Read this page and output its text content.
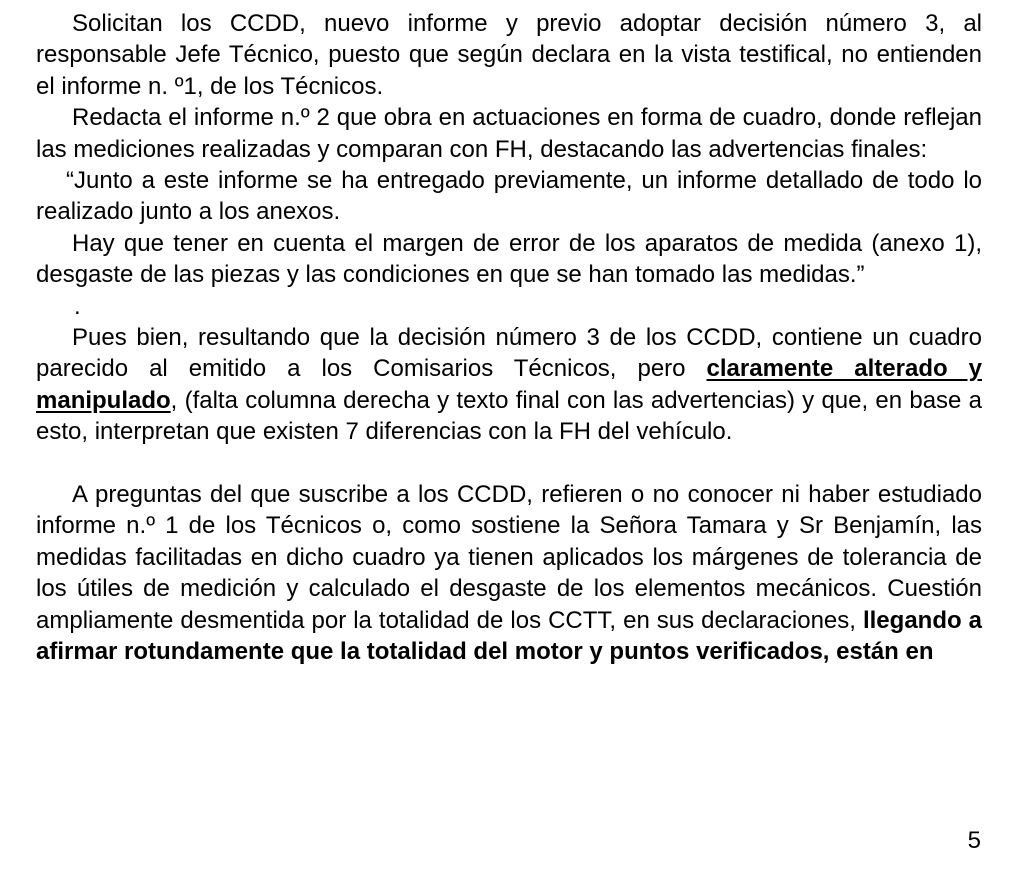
Solicitan los CCDD, nuevo informe y previo adoptar decisión número 3, al responsable Jefe Técnico, puesto que según declara en la vista testifical, no entienden el informe n. º1, de los Técnicos.

Redacta el informe n.º 2 que obra en actuaciones en forma de cuadro, donde reflejan las mediciones realizadas y comparan con FH, destacando las advertencias finales:

“Junto a este informe se ha entregado previamente, un informe detallado de todo lo realizado junto a los anexos.

Hay que tener en cuenta el margen de error de los aparatos de medida (anexo 1), desgaste de las piezas y las condiciones en que se han tomado las medidas.”

.

Pues bien, resultando que la decisión número 3 de los CCDD, contiene un cuadro parecido al emitido a los Comisarios Técnicos, pero claramente alterado y manipulado, (falta columna derecha y texto final con las advertencias) y que, en base a esto, interpretan que existen 7 diferencias con la FH del vehículo.

A preguntas del que suscribe a los CCDD, refieren o no conocer ni haber estudiado informe n.º 1 de los Técnicos o, como sostiene la Señora Tamara y Sr Benjamín, las medidas facilitadas en dicho cuadro ya tienen aplicados los márgenes de tolerancia de los útiles de medición y calculado el desgaste de los elementos mecánicos. Cuestión ampliamente desmentida por la totalidad de los CCTT, en sus declaraciones, llegando a afirmar rotundamente que la totalidad del motor y puntos verificados, están en

5
